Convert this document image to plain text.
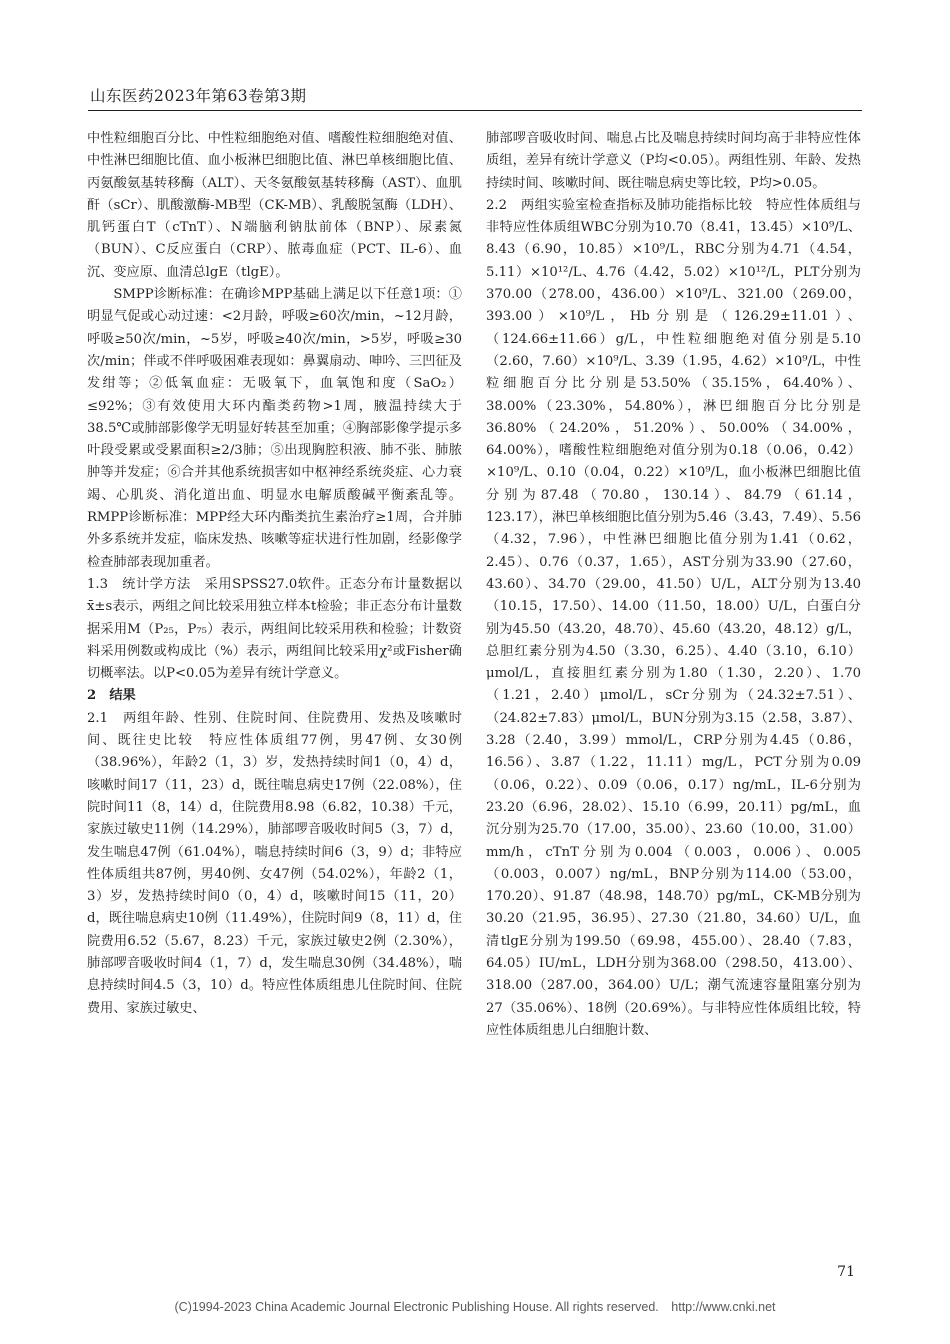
山东医药2023年第63卷第3期

中性粒细胞百分比、中性粒细胞绝对值、嗜酸性粒细胞绝对值、中性淋巴细胞比值、血小板淋巴细胞比值、淋巴单核细胞比值、丙氨酸氨基转移酶（ALT）、天冬氨酸氨基转移酶（AST）、血肌酐（sCr）、肌酸激酶-MB型（CK-MB）、乳酸脱氢酶（LDH）、肌钙蛋白T（cTnT）、N端脑利钠肽前体（BNP）、尿素氮（BUN）、C反应蛋白（CRP）、脓毒血症（PCT、IL-6）、血沉、变应原、血清总lgE（tlgE）。

SMPP诊断标准：在确诊MPP基础上满足以下任意1项：①明显气促或心动过速：<2月龄，呼吸≥60次/min，~12月龄，呼吸≥50次/min，~5岁，呼吸≥40次/min，>5岁，呼吸≥30次/min；伴或不伴呼吸困难表现如：鼻翼扇动、呻吟、三凹征及发绀等；②低氧血症：无吸氧下，血氧饱和度（SaO₂）≤92%；③有效使用大环内酯类药物>1周，腋温持续大于38.5℃或肺部影像学无明显好转甚至加重；④胸部影像学提示多叶段受累或受累面积≥2/3肺；⑤出现胸腔积液、肺不张、肺脓肿等并发症；⑥合并其他系统损害如中枢神经系统炎症、心力衰竭、心肌炎、消化道出血、明显水电解质酸碱平衡紊乱等。RMPP诊断标准：MPP经大环内酯类抗生素治疗≥1周，合并肺外多系统并发症，临床发热、咳嗽等症状进行性加剧，经影像学检查肺部表现加重者。

1.3　统计学方法　采用SPSS27.0软件。正态分布计量数据以x̄±s表示，两组之间比较采用独立样本t检验；非正态分布计量数据采用M（P₂₅，P₇₅）表示，两组间比较采用秩和检验；计数资料采用例数或构成比（%）表示，两组间比较采用χ²或Fisher确切概率法。以P<0.05为差异有统计学意义。

2　结果

2.1　两组年龄、性别、住院时间、住院费用、发热及咳嗽时间、既往史比较　特应性体质组77例，男47例、女30例（38.96%），年龄2（1，3）岁，发热持续时间1（0，4）d，咳嗽时间17（11，23）d，既往喘息病史17例（22.08%），住院时间11（8，14）d，住院费用8.98（6.82，10.38）千元，家族过敏史11例（14.29%），肺部啰音吸收时间5（3，7）d，发生喘息47例（61.04%），喘息持续时间6（3，9）d；非特应性体质组共87例，男40例、女47例（54.02%），年龄2（1，3）岁，发热持续时间0（0，4）d，咳嗽时间15（11，20）d，既往喘息病史10例（11.49%），住院时间9（8，11）d，住院费用6.52（5.67，8.23）千元，家族过敏史2例（2.30%），肺部啰音吸收时间4（1，7）d，发生喘息30例（34.48%），喘息持续时间4.5（3，10）d。特应性体质组患儿住院时间、住院费用、家族过敏史、

肺部啰音吸收时间、喘息占比及喘息持续时间均高于非特应性体质组，差异有统计学意义（P均<0.05）。两组性别、年龄、发热持续时间、咳嗽时间、既往喘息病史等比较，P均>0.05。

2.2　两组实验室检查指标及肺功能指标比较　特应性体质组与非特应性体质组WBC分别为10.70（8.41，13.45）×10⁹/L、8.43（6.90，10.85）×10⁹/L，RBC分别为4.71（4.54，5.11）×10¹²/L、4.76（4.42，5.02）×10¹²/L，PLT分别为370.00（278.00，436.00）×10⁹/L、321.00（269.00，393.00）×10⁹/L，Hb分别是（126.29±11.01）、（124.66±11.66）g/L，中性粒细胞绝对值分别是5.10（2.60，7.60）×10⁹/L、3.39（1.95，4.62）×10⁹/L，中性粒细胞百分比分别是53.50%（35.15%，64.40%）、38.00%（23.30%，54.80%），淋巴细胞百分比分别是36.80%（24.20%，51.20%）、50.00%（34.00%，64.00%），嗜酸性粒细胞绝对值分别为0.18（0.06，0.42）×10⁹/L、0.10（0.04，0.22）×10⁹/L，血小板淋巴细胞比值分别为87.48（70.80，130.14）、84.79（61.14，123.17），淋巴单核细胞比值分别为5.46（3.43，7.49）、5.56（4.32，7.96），中性淋巴细胞比值分别为1.41（0.62，2.45）、0.76（0.37，1.65），AST分别为33.90（27.60，43.60）、34.70（29.00，41.50）U/L，ALT分别为13.40（10.15，17.50）、14.00（11.50，18.00）U/L，白蛋白分别为45.50（43.20，48.70）、45.60（43.20，48.12）g/L，总胆红素分别为4.50（3.30，6.25）、4.40（3.10，6.10）μmol/L，直接胆红素分别为1.80（1.30，2.20）、1.70（1.21，2.40）μmol/L，sCr分别为（24.32±7.51）、（24.82±7.83）μmol/L，BUN分别为3.15（2.58，3.87）、3.28（2.40，3.99）mmol/L，CRP分别为4.45（0.86，16.56）、3.87（1.22，11.11）mg/L，PCT分别为0.09（0.06，0.22）、0.09（0.06，0.17）ng/mL，IL-6分别为23.20（6.96，28.02）、15.10（6.99，20.11）pg/mL，血沉分别为25.70（17.00，35.00）、23.60（10.00，31.00）mm/h，cTnT分别为0.004（0.003，0.006）、0.005（0.003，0.007）ng/mL，BNP分别为114.00（53.00，170.20）、91.87（48.98，148.70）pg/mL，CK-MB分别为30.20（21.95，36.95）、27.30（21.80，34.60）U/L，血清tlgE分别为199.50（69.98，455.00）、28.40（7.83，64.05）IU/mL，LDH分别为368.00（298.50，413.00）、318.00（287.00，364.00）U/L；潮气流速容量阻塞分别为27（35.06%）、18例（20.69%）。与非特应性体质组比较，特应性体质组患儿白细胞计数、

71
(C)1994-2023 China Academic Journal Electronic Publishing House. All rights reserved.　http://www.cnki.net
